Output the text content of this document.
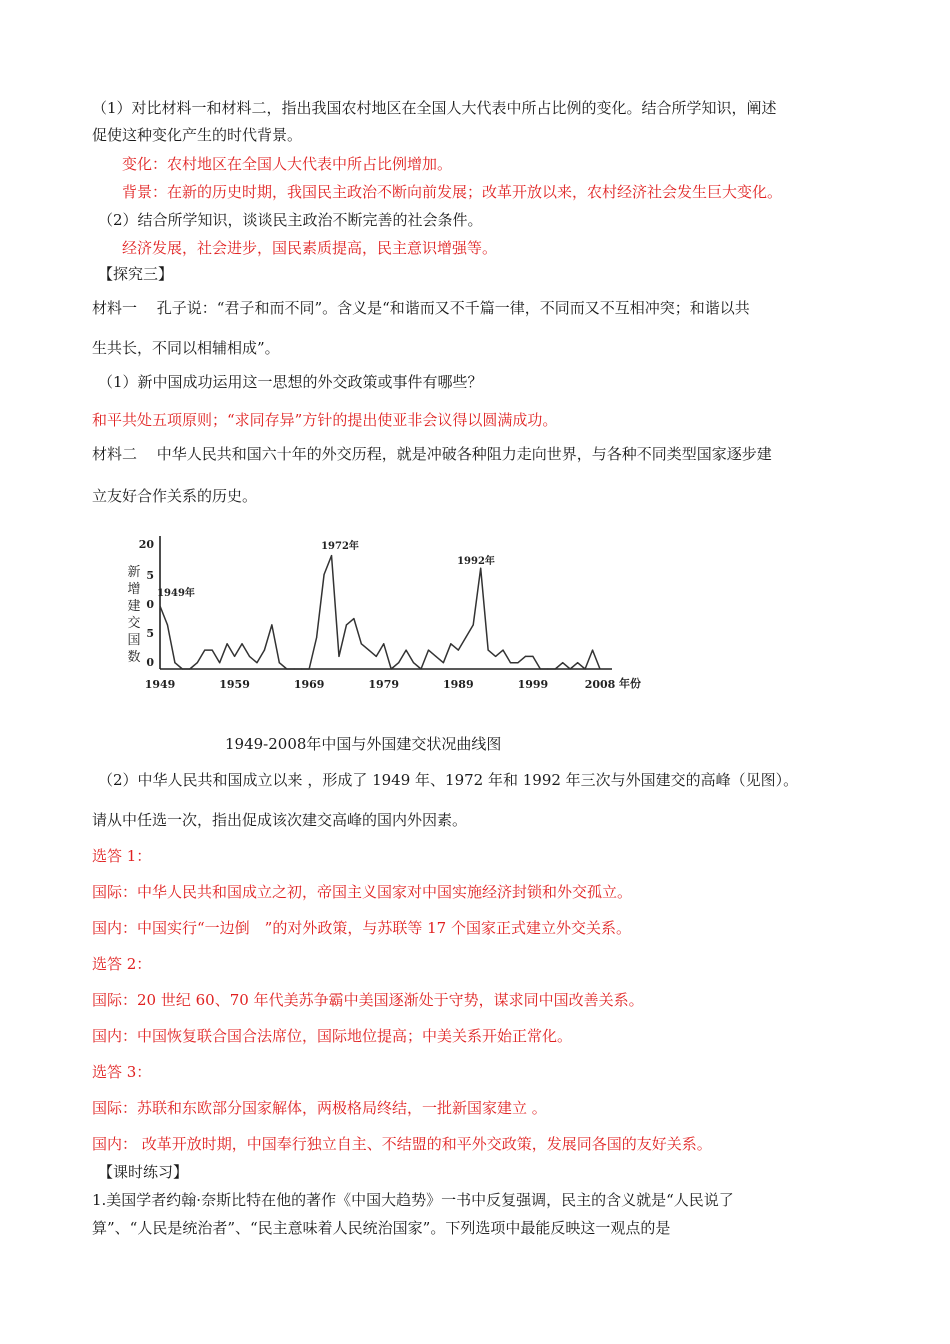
（1）对比材料一和材料二，指出我国农村地区在全国人大代表中所占比例的变化。结合所学知识，阐述
促使这种变化产生的时代背景。
变化：农村地区在全国人大代表中所占比例增加。
背景：在新的历史时期，我国民主政治不断向前发展；改革开放以来，农村经济社会发生巨大变化。
（2）结合所学知识，谈谈民主政治不断完善的社会条件。
经济发展，社会进步，国民素质提高，民主意识增强等。
【探究三】
材料一　 孔子说：“君子和而不同”。含义是“和谐而又不千篇一律，不同而又不互相冲突；和谐以共
生共长，不同以相辅相成”。
（1）新中国成功运用这一思想的外交政策或事件有哪些？
和平共处五项原则；“求同存异”方针的提出使亚非会议得以圆满成功。
材料二　 中华人民共和国六十年的外交历程，就是冲破各种阻力走向世界，与各种不同类型国家逐步建
立友好合作关系的历史。
0
5
0
5
20
新
增
建
交
国
数
1949	1959	1969	1979	1989	1999	2008 年份
1949年
1972年
1992年
1949-2008年中国与外国建交状况曲线图
（2）中华人民共和国成立以来 ，形成了 1949 年、1972 年和 1992 年三次与外国建交的高峰（见图）。
请从中任选一次，指出促成该次建交高峰的国内外因素。
选答 1：
国际：中华人民共和国成立之初，帝国主义国家对中国实施经济封锁和外交孤立。
国内：中国实行“一边倒　”的对外政策，与苏联等 17 个国家正式建立外交关系。
选答 2：
国际：20 世纪 60、70 年代美苏争霸中美国逐渐处于守势，谋求同中国改善关系。
国内：中国恢复联合国合法席位，国际地位提高；中美关系开始正常化。
选答 3：
国际：苏联和东欧部分国家解体，两极格局终结，一批新国家建立 。
国内： 改革开放时期，中国奉行独立自主、不结盟的和平外交政策，发展同各国的友好关系。
【课时练习】
1.美国学者约翰·奈斯比特在他的著作《中国大趋势》一书中反复强调，民主的含义就是“人民说了
算”、“人民是统治者”、“民主意味着人民统治国家”。下列选项中最能反映这一观点的是
